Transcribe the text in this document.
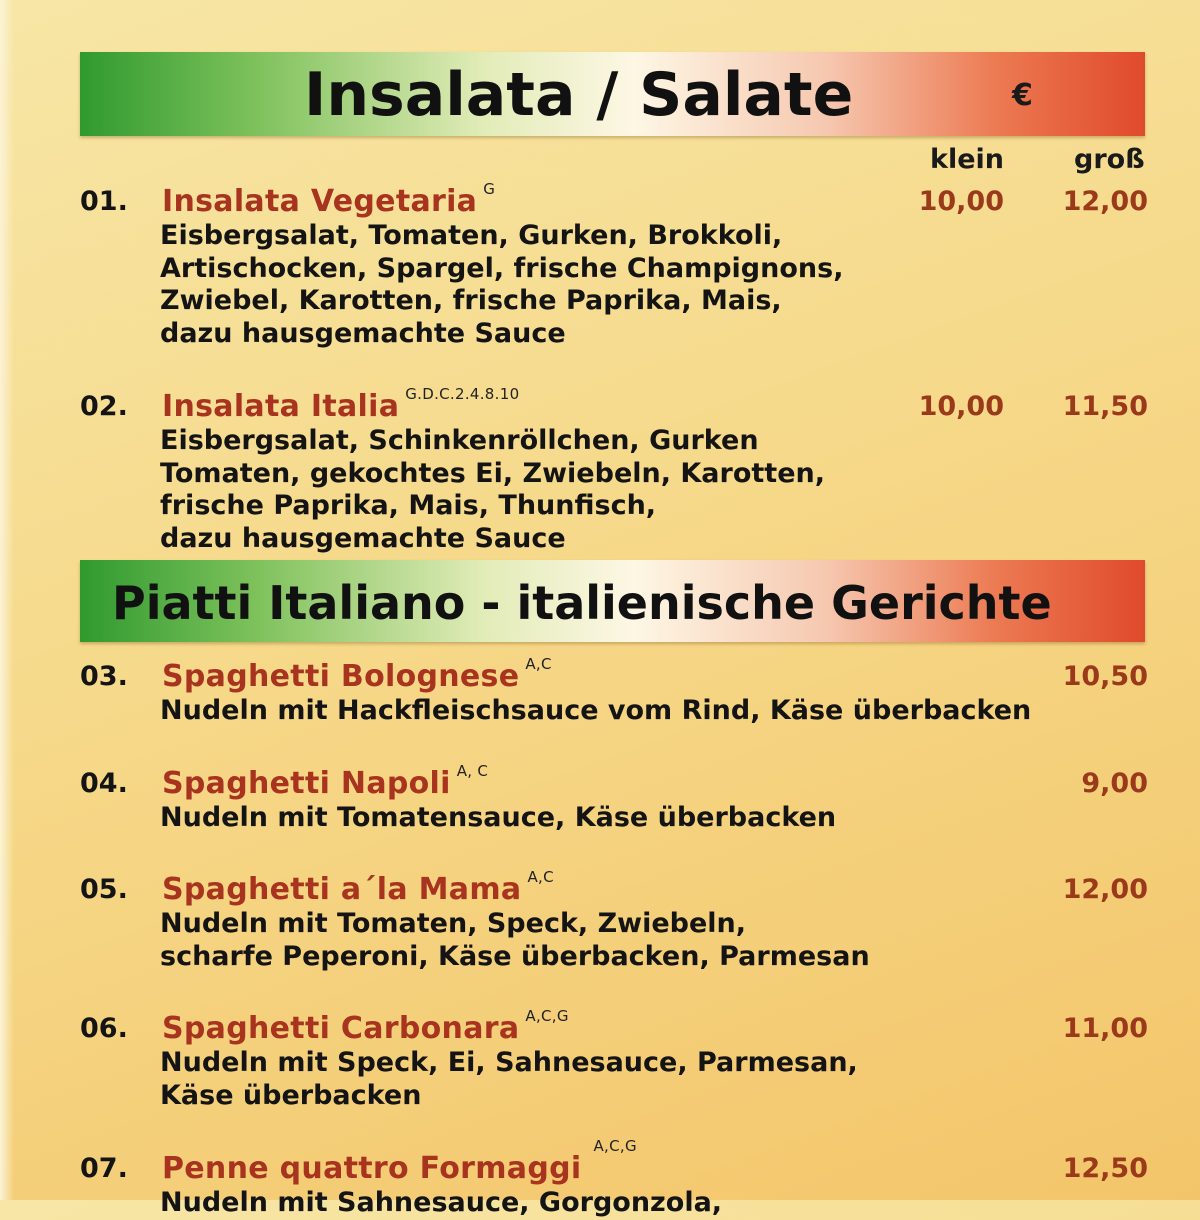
Insalata / Salate	€
klein	groß
01. Insalata Vegetaria $^G$
Eisbergsalat, Tomaten, Gurken, Brokkoli,
Artischocken, Spargel, frische Champignons,
Zwiebel, Karotten, frische Paprika, Mais,
dazu hausgemachte Sauce
10,00	12,00
02. Insalata Italia $^{G.D.C.2.4.8.10}$
Eisbergsalat, Schinkenröllchen, Gurken
Tomaten, gekochtes Ei, Zwiebeln, Karotten,
frische Paprika, Mais, Thunfisch,
dazu hausgemachte Sauce
10,00	11,50
Piatti Italiano - italienische Gerichte
03. Spaghetti Bolognese $^{A,C}$
Nudeln mit Hackfleischsauce vom Rind, Käse überbacken
10,50
04. Spaghetti Napoli $^{A, C}$
Nudeln mit Tomatensauce, Käse überbacken
9,00
05. Spaghetti a´la Mama $^{A,C}$
Nudeln mit Tomaten, Speck, Zwiebeln,
scharfe Peperoni, Käse überbacken, Parmesan
12,00
06. Spaghetti Carbonara $^{A,C,G}$
Nudeln mit Speck, Ei, Sahnesauce, Parmesan,
Käse überbacken
11,00
07. Penne quattro Formaggi$^{A,C,G}$
Nudeln mit Sahnesauce, Gorgonzola,
12,50
